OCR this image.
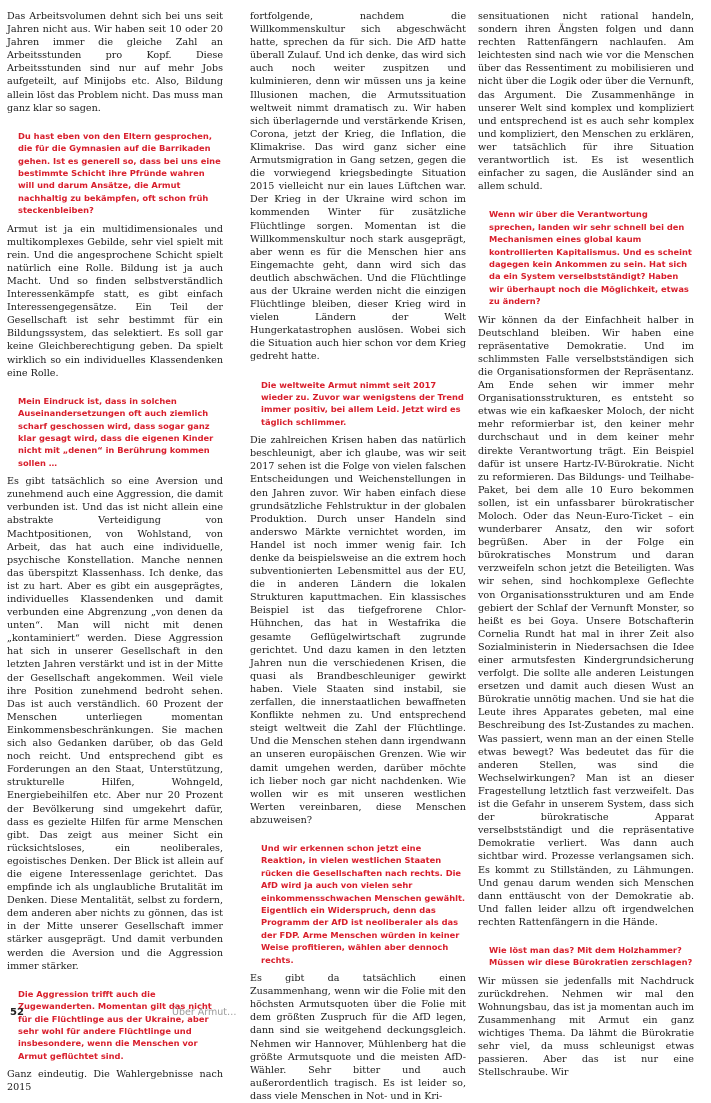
Das Arbeitsvolumen dehnt sich bei uns seit Jahren nicht aus. Wir haben seit 10 oder 20 Jahren immer die gleiche Zahl an Arbeitsstunden pro Kopf. Diese Arbeitsstunden sind nur auf mehr Jobs aufgeteilt, auf Minijobs etc. Also, Bildung allein löst das Problem nicht. Das muss man ganz klar so sagen.

Du hast eben von den Eltern gesprochen, die für die Gymnasien auf die Barrikaden gehen. Ist es generell so, dass bei uns eine bestimmte Schicht ihre Pfründe wahren will und darum Ansätze, die Armut nachhaltig zu bekämpfen, oft schon früh steckenbleiben?

Armut ist ja ein multidimensionales und multikomplexes Gebilde, sehr viel spielt mit rein. Und die angesprochene Schicht spielt natürlich eine Rolle. Bildung ist ja auch Macht. Und so finden selbstverständlich Interessenkämpfe statt, es gibt einfach Interessengegensätze. Ein Teil der Gesellschaft ist sehr bestimmt für ein Bildungssystem, das selektiert. Es soll gar keine Gleichberechtigung geben. Da spielt wirklich so ein individuelles Klassendenken eine Rolle.

Mein Eindruck ist, dass in solchen Auseinandersetzungen oft auch ziemlich scharf geschossen wird, dass sogar ganz klar gesagt wird, dass die eigenen Kinder nicht mit „denen“ in Berührung kommen sollen …

Es gibt tatsächlich so eine Aversion und zunehmend auch eine Aggression, die damit verbunden ist. Und das ist nicht allein eine abstrakte Verteidigung von Machtpositionen, von Wohlstand, von Arbeit, das hat auch eine individuelle, psychische Konstellation. Manche nennen das überspitzt Klassenhass. Ich denke, das ist zu hart. Aber es gibt ein ausgeprägtes, individuelles Klassendenken und damit verbunden eine Abgrenzung „von denen da unten“. Man will nicht mit denen „kontaminiert“ werden. Diese Aggression hat sich in unserer Gesellschaft in den letzten Jahren verstärkt und ist in der Mitte der Gesellschaft angekommen. Weil viele ihre Position zunehmend bedroht sehen. Das ist auch verständlich. 60 Prozent der Menschen unterliegen momentan Einkommensbeschränkungen. Sie machen sich also Gedanken darüber, ob das Geld noch reicht. Und entsprechend gibt es Forderungen an den Staat, Unterstützung, strukturelle Hilfen, Wohngeld, Energiebeihilfen etc. Aber nur 20 Prozent der Bevölkerung sind umgekehrt dafür, dass es gezielte Hilfen für arme Menschen gibt. Das zeigt aus meiner Sicht ein rücksichtsloses, ein neoliberales, egoistisches Denken. Der Blick ist allein auf die eigene Interessenlage gerichtet. Das empfinde ich als unglaubliche Brutalität im Denken. Diese Mentalität, selbst zu fordern, dem anderen aber nichts zu gönnen, das ist in der Mitte unserer Gesellschaft immer stärker ausgeprägt. Und damit verbunden werden die Aversion und die Aggression immer stärker.

Die Aggression trifft auch die Zugewanderten. Momentan gilt das nicht für die Flüchtlinge aus der Ukraine, aber sehr wohl für andere Flüchtlinge und insbesondere, wenn die Menschen vor Armut geflüchtet sind.

Ganz eindeutig. Die Wahlergebnisse nach 2015

fortfolgende, nachdem die Willkommenskultur sich abgeschwächt hatte, sprechen da für sich. Die AfD hatte überall Zulauf. Und ich denke, das wird sich auch noch weiter zuspitzen und kulminieren, denn wir müssen uns ja keine Illusionen machen, die Armutssituation weltweit nimmt dramatisch zu. Wir haben sich überlagernde und verstärkende Krisen, Corona, jetzt der Krieg, die Inflation, die Klimakrise. Das wird ganz sicher eine Armutsmigration in Gang setzen, gegen die die vorwiegend kriegsbedingte Situation 2015 vielleicht nur ein laues Lüftchen war. Der Krieg in der Ukraine wird schon im kommenden Winter für zusätzliche Flüchtlinge sorgen. Momentan ist die Willkommenskultur noch stark ausgeprägt, aber wenn es für die Menschen hier ans Eingemachte geht, dann wird sich das deutlich abschwächen. Und die Flüchtlinge aus der Ukraine werden nicht die einzigen Flüchtlinge bleiben, dieser Krieg wird in vielen Ländern der Welt Hungerkatastrophen auslösen. Wobei sich die Situation auch hier schon vor dem Krieg gedreht hatte.

Die weltweite Armut nimmt seit 2017 wieder zu. Zuvor war wenigstens der Trend immer positiv, bei allem Leid. Jetzt wird es täglich schlimmer.

Die zahlreichen Krisen haben das natürlich beschleunigt, aber ich glaube, was wir seit 2017 sehen ist die Folge von vielen falschen Entscheidungen und Weichenstellungen in den Jahren zuvor. Wir haben einfach diese grundsätzliche Fehlstruktur in der globalen Produktion. Durch unser Handeln sind anderswo Märkte vernichtet worden, im Handel ist noch immer wenig fair. Ich denke da beispielsweise an die extrem hoch subventionierten Lebensmittel aus der EU, die in anderen Ländern die lokalen Strukturen kaputtmachen. Ein klassisches Beispiel ist das tiefgefrorene Chlor-Hühnchen, das hat in Westafrika die gesamte Geflügelwirtschaft zugrunde gerichtet. Und dazu kamen in den letzten Jahren nun die verschiedenen Krisen, die quasi als Brandbeschleuniger gewirkt haben. Viele Staaten sind instabil, sie zerfallen, die innerstaatlichen bewaffneten Konflikte nehmen zu. Und entsprechend steigt weltweit die Zahl der Flüchtlinge. Und die Menschen stehen dann irgendwann an unseren europäischen Grenzen. Wie wir damit umgehen werden, darüber möchte ich lieber noch gar nicht nachdenken. Wie wollen wir es mit unseren westlichen Werten vereinbaren, diese Menschen abzuweisen?

Und wir erkennen schon jetzt eine Reaktion, in vielen westlichen Staaten rücken die Gesellschaften nach rechts. Die AfD wird ja auch von vielen sehr einkommensschwachen Menschen gewählt. Eigentlich ein Widerspruch, denn das Programm der AfD ist neoliberaler als das der FDP. Arme Menschen würden in keiner Weise profitieren, wählen aber dennoch rechts.

Es gibt da tatsächlich einen Zusammenhang, wenn wir die Folie mit den höchsten Armutsquoten über die Folie mit dem größten Zuspruch für die AfD legen, dann sind sie weitgehend deckungsgleich. Nehmen wir Hannover, Mühlenberg hat die größte Armutsquote und die meisten AfD-Wähler. Sehr bitter und auch außerordentlich tragisch. Es ist leider so, dass viele Menschen in Not- und in Kri-

sensituationen nicht rational handeln, sondern ihren Ängsten folgen und dann rechten Rattenfängern nachlaufen. Am leichtesten sind nach wie vor die Menschen über das Ressentiment zu mobilisieren und nicht über die Logik oder über die Vernunft, das Argument. Die Zusammenhänge in unserer Welt sind komplex und kompliziert und entsprechend ist es auch sehr komplex und kompliziert, den Menschen zu erklären, wer tatsächlich für ihre Situation verantwortlich ist. Es ist wesentlich einfacher zu sagen, die Ausländer sind an allem schuld.

Wenn wir über die Verantwortung sprechen, landen wir sehr schnell bei den Mechanismen eines global kaum kontrollierten Kapitalismus. Und es scheint dagegen kein Ankommen zu sein. Hat sich da ein System verselbstständigt? Haben wir überhaupt noch die Möglichkeit, etwas zu ändern?

Wir können da der Einfachheit halber in Deutschland bleiben. Wir haben eine repräsentative Demokratie. Und im schlimmsten Falle verselbstständigen sich die Organisationsformen der Repräsentanz. Am Ende sehen wir immer mehr Organisationsstrukturen, es entsteht so etwas wie ein kafkaesker Moloch, der nicht mehr reformierbar ist, den keiner mehr durchschaut und in dem keiner mehr direkte Verantwortung trägt. Ein Beispiel dafür ist unsere Hartz-IV-Bürokratie. Nicht zu reformieren. Das Bildungs- und Teilhabe-Paket, bei dem alle 10 Euro bekommen sollen, ist ein unfassbarer bürokratischer Moloch. Oder das Neun-Euro-Ticket – ein wunderbarer Ansatz, den wir sofort begrüßen. Aber in der Folge ein bürokratisches Monstrum und daran verzweifeln schon jetzt die Beteiligten. Was wir sehen, sind hochkomplexe Geflechte von Organisationsstrukturen und am Ende gebiert der Schlaf der Vernunft Monster, so heißt es bei Goya. Unsere Botschafterin Cornelia Rundt hat mal in ihrer Zeit also Sozialministerin in Niedersachsen die Idee einer armutsfesten Kindergrundsicherung verfolgt. Die sollte alle anderen Leistungen ersetzen und damit auch diesen Wust an Bürokratie unnötig machen. Und sie hat die Leute ihres Apparates gebeten, mal eine Beschreibung des Ist-Zustandes zu machen. Was passiert, wenn man an der einen Stelle etwas bewegt? Was bedeutet das für die anderen Stellen, was sind die Wechselwirkungen? Man ist an dieser Fragestellung letztlich fast verzweifelt. Das ist die Gefahr in unserem System, dass sich der bürokratische Apparat verselbstständigt und die repräsentative Demokratie verliert. Was dann auch sichtbar wird. Prozesse verlangsamen sich. Es kommt zu Stillständen, zu Lähmungen. Und genau darum wenden sich Menschen dann enttäuscht von der Demokratie ab. Und fallen leider allzu oft irgendwelchen rechten Rattenfängern in die Hände.

Wie löst man das? Mit dem Holzhammer? Müssen wir diese Bürokratien zerschlagen?

Wir müssen sie jedenfalls mit Nachdruck zurückdrehen. Nehmen wir mal den Wohnungsbau, das ist ja momentan auch im Zusammenhang mit Armut ein ganz wichtiges Thema. Da lähmt die Bürokratie sehr viel, da muss schleunigst etwas passieren. Aber das ist nur eine Stellschraube. Wir

52	Über Armut…
